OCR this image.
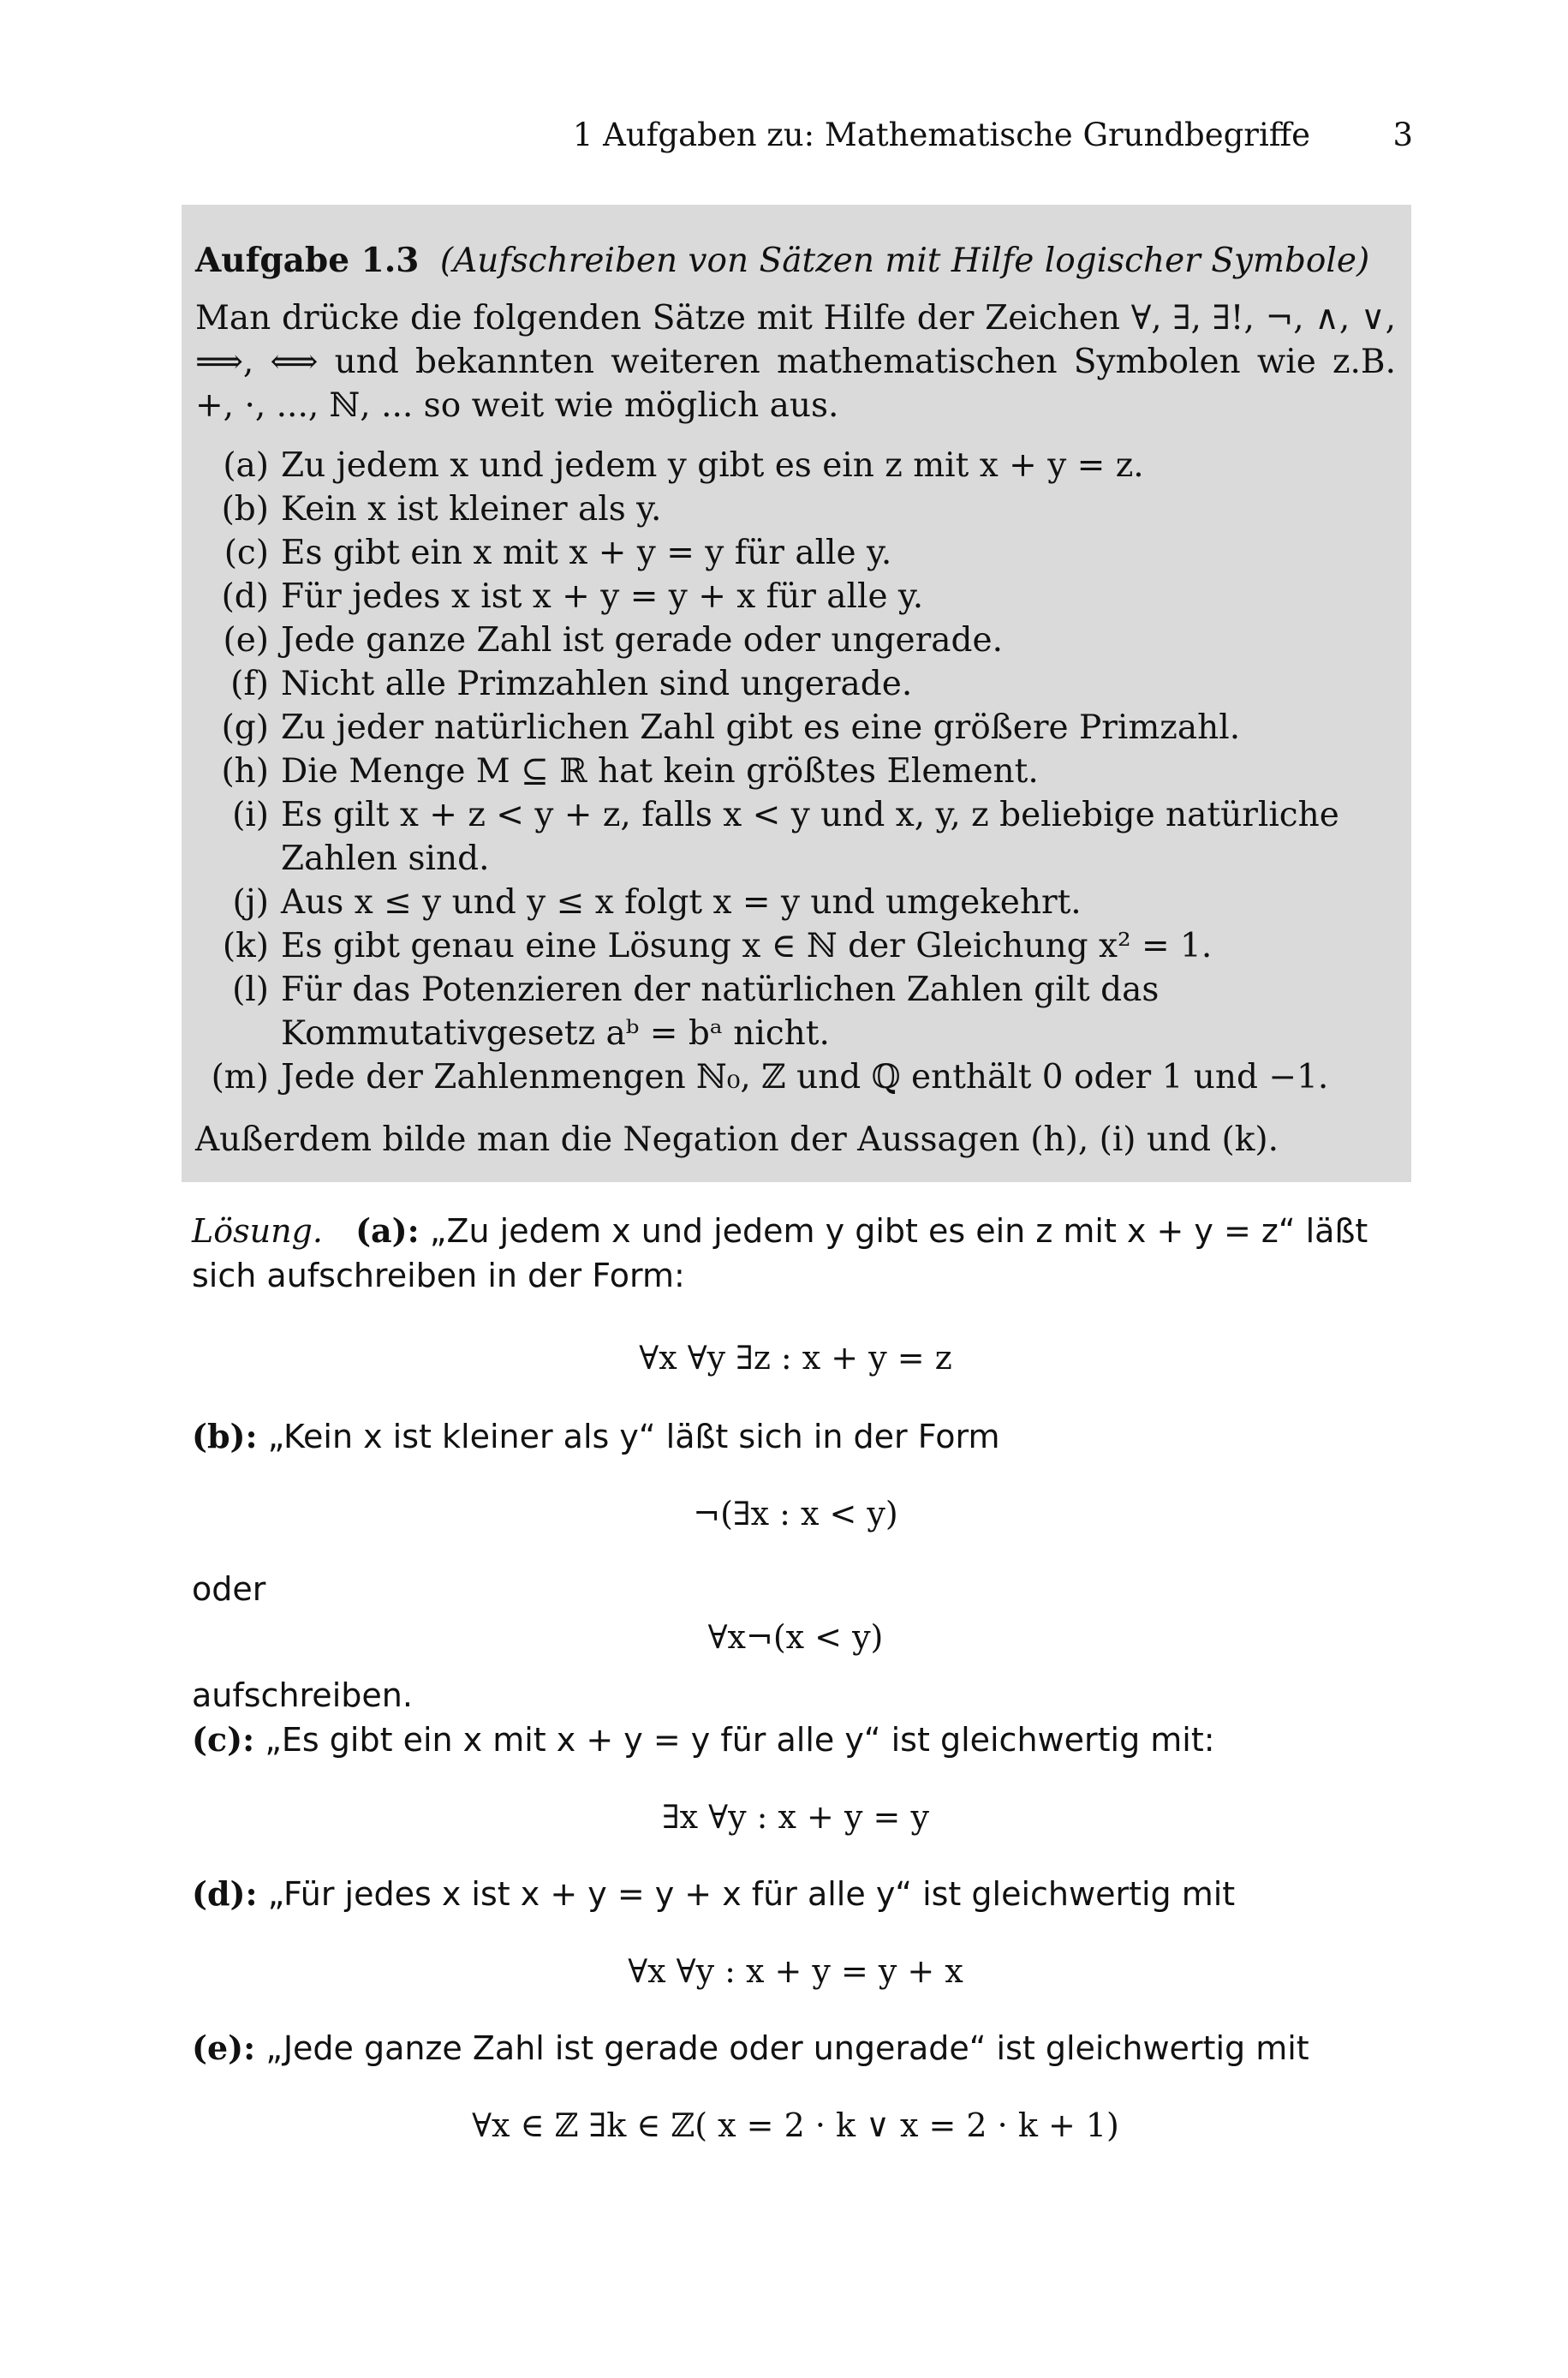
1 Aufgaben zu: Mathematische Grundbegriffe	3
Aufgabe 1.3 (Aufschreiben von Sätzen mit Hilfe logischer Symbole)
Man drücke die folgenden Sätze mit Hilfe der Zeichen ∀, ∃, ∃!, ¬, ∧, ∨, ⟹, ⟺ und bekannten weiteren mathematischen Symbolen wie z.B. +, ·, ..., ℕ, ... so weit wie möglich aus.
(a) Zu jedem x und jedem y gibt es ein z mit x + y = z.
(b) Kein x ist kleiner als y.
(c) Es gibt ein x mit x + y = y für alle y.
(d) Für jedes x ist x + y = y + x für alle y.
(e) Jede ganze Zahl ist gerade oder ungerade.
(f) Nicht alle Primzahlen sind ungerade.
(g) Zu jeder natürlichen Zahl gibt es eine größere Primzahl.
(h) Die Menge M ⊆ ℝ hat kein größtes Element.
(i) Es gilt x + z < y + z, falls x < y und x, y, z beliebige natürliche Zahlen sind.
(j) Aus x ≤ y und y ≤ x folgt x = y und umgekehrt.
(k) Es gibt genau eine Lösung x ∈ ℕ der Gleichung x² = 1.
(l) Für das Potenzieren der natürlichen Zahlen gilt das Kommutativgesetz aᵇ = bᵃ nicht.
(m) Jede der Zahlenmengen ℕ₀, ℤ und ℚ enthält 0 oder 1 und −1.
Außerdem bilde man die Negation der Aussagen (h), (i) und (k).

Lösung. (a): „Zu jedem x und jedem y gibt es ein z mit x + y = z“ läßt sich aufschreiben in der Form:

∀x ∀y ∃z : x + y = z

(b): „Kein x ist kleiner als y“ läßt sich in der Form

¬(∃x : x < y)

oder

∀x¬(x < y)

aufschreiben.

(c): „Es gibt ein x mit x + y = y für alle y“ ist gleichwertig mit:

∃x ∀y : x + y = y

(d): „Für jedes x ist x + y = y + x für alle y“ ist gleichwertig mit

∀x ∀y : x + y = y + x

(e): „Jede ganze Zahl ist gerade oder ungerade“ ist gleichwertig mit

∀x ∈ ℤ ∃k ∈ ℤ( x = 2 · k ∨ x = 2 · k + 1)
